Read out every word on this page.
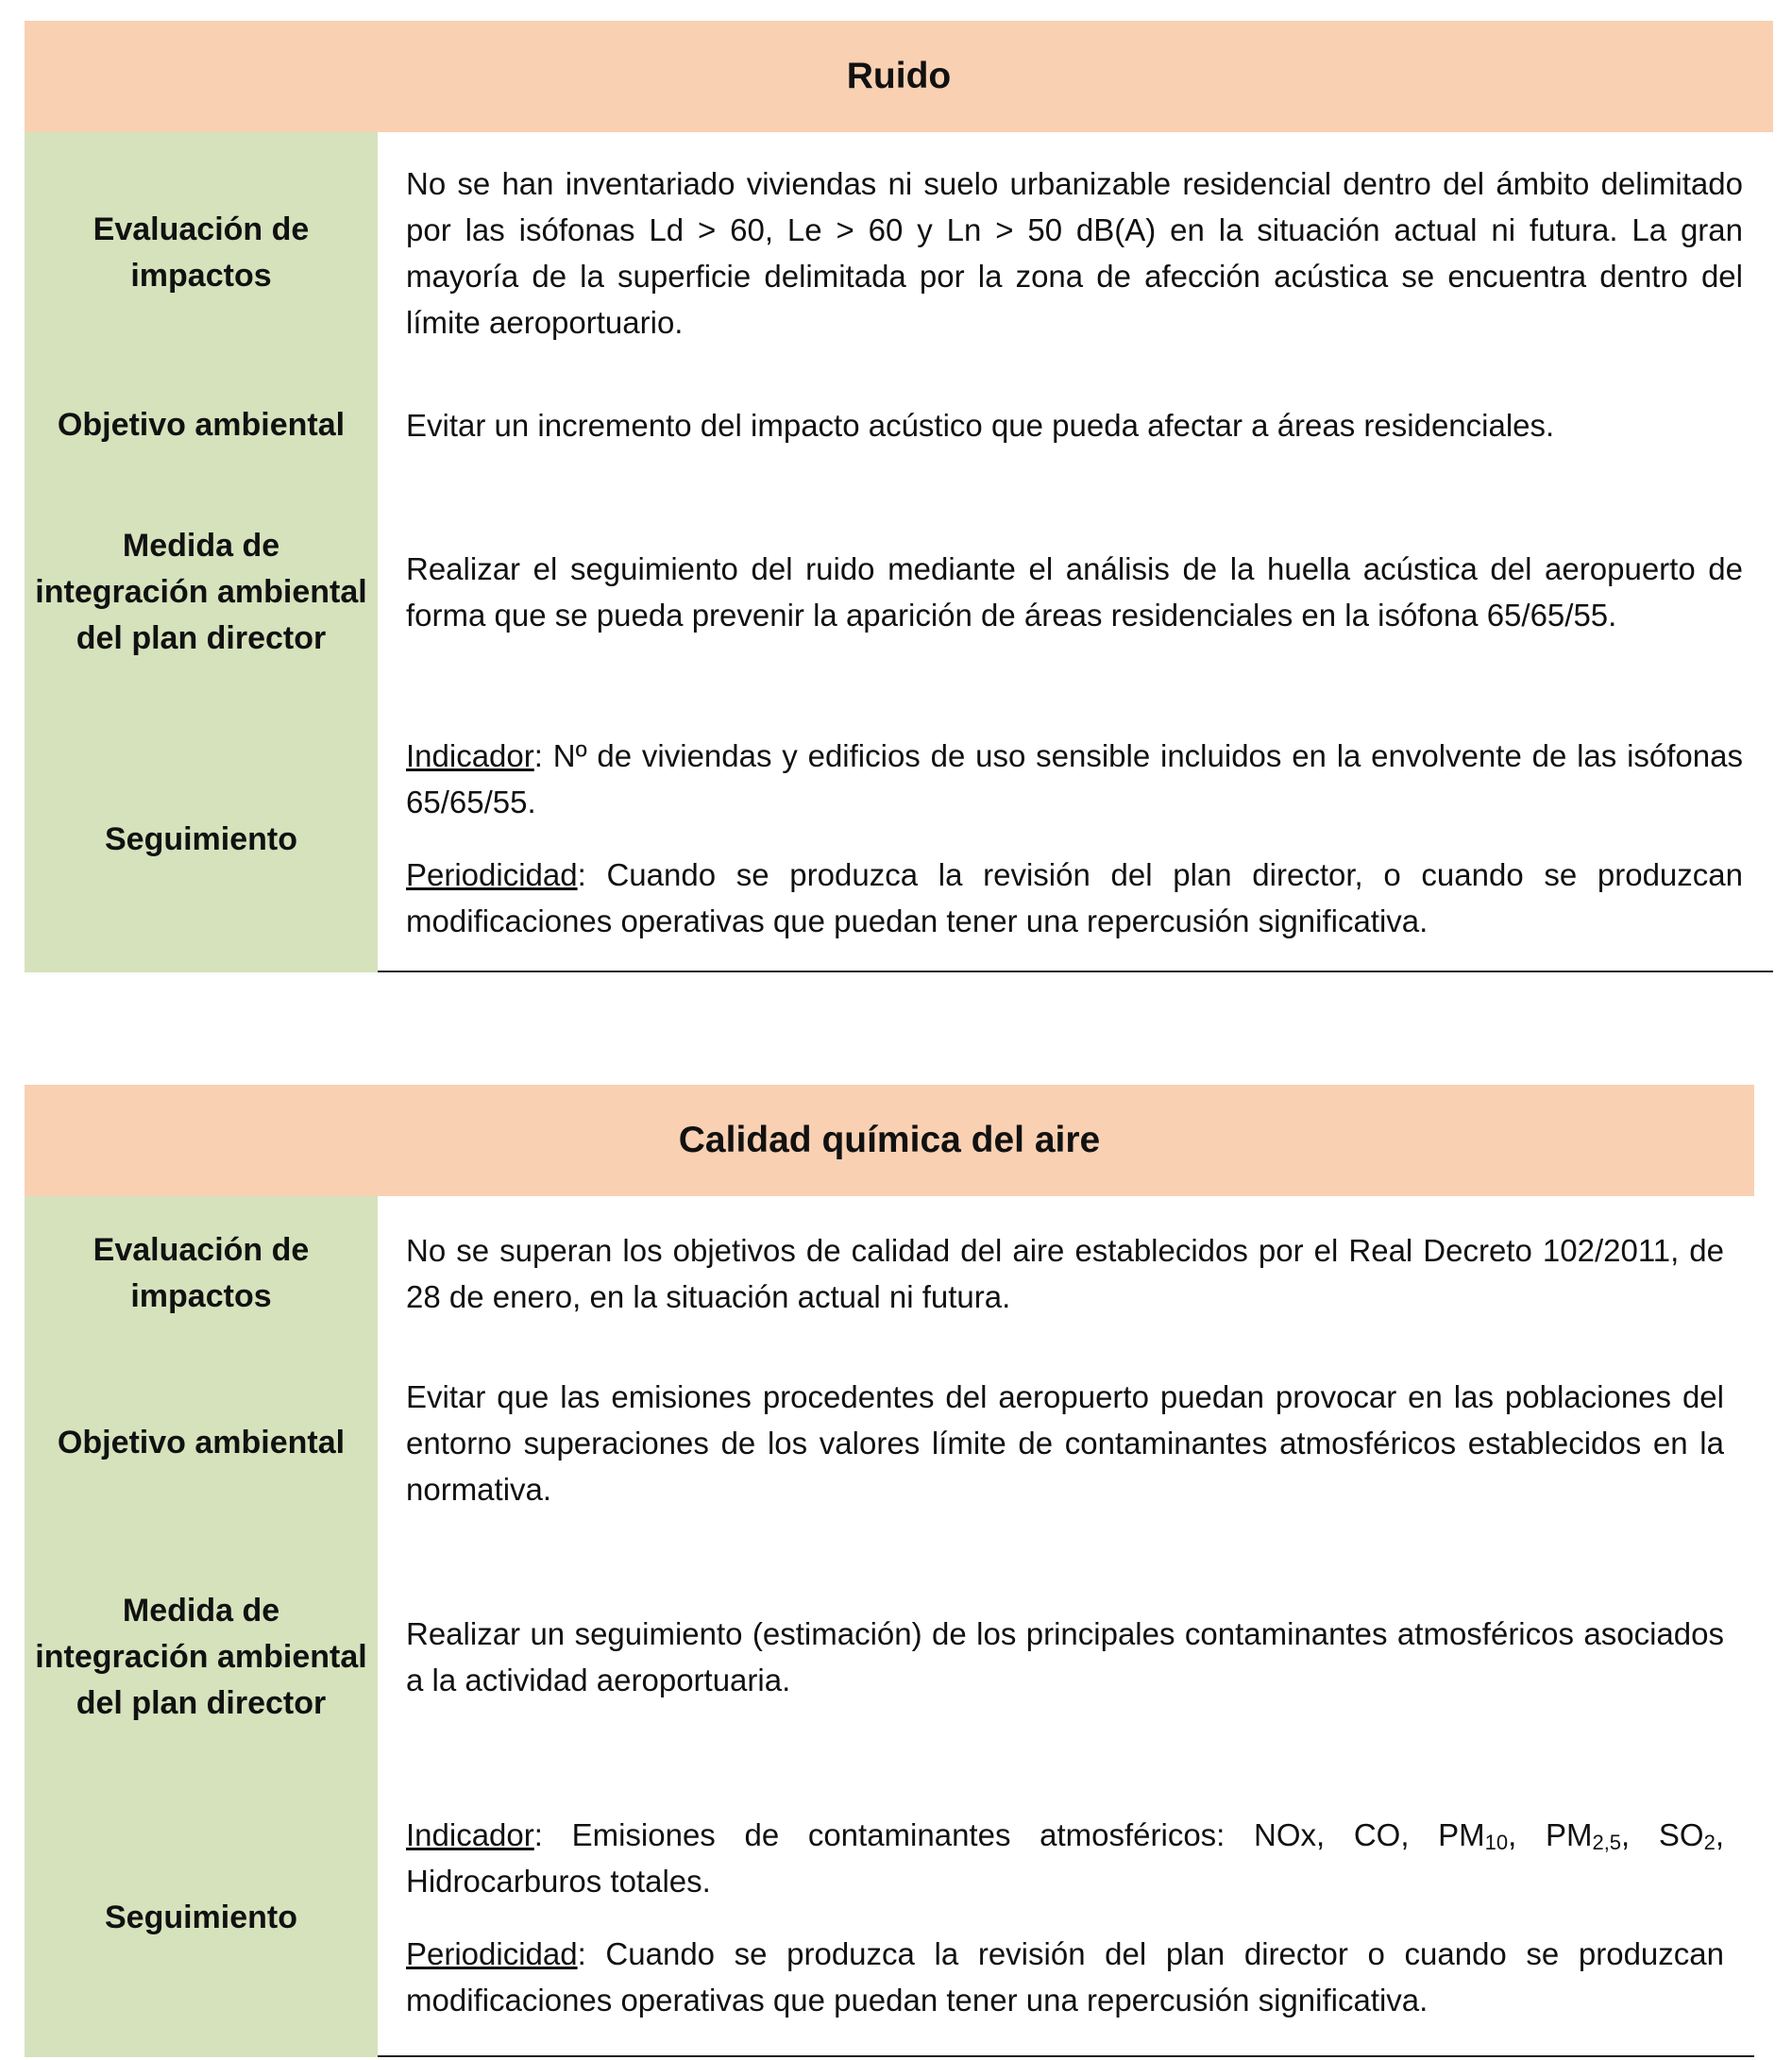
Ruido
Evaluación de impactos

No se han inventariado viviendas ni suelo urbanizable residencial dentro del ámbito delimitado por las isófonas Ld > 60, Le > 60 y Ln > 50 dB(A) en la situación actual ni futura. La gran mayoría de la superficie delimitada por la zona de afección acústica se encuentra dentro del límite aeroportuario.

Objetivo ambiental	Evitar un incremento del impacto acústico que pueda afectar a áreas residenciales.

Medida de integración ambiental del plan director

Realizar el seguimiento del ruido mediante el análisis de la huella acústica del aeropuerto de forma que se pueda prevenir la aparición de áreas residenciales en la isófona 65/65/55.

Seguimiento

Indicador: Nº de viviendas y edificios de uso sensible incluidos en la envolvente de las isófonas 65/65/55.

Periodicidad: Cuando se produzca la revisión del plan director, o cuando se produzcan modificaciones operativas que puedan tener una repercusión significativa.

Calidad química del aire
Evaluación de impactos

No se superan los objetivos de calidad del aire establecidos por el Real Decreto 102/2011, de 28 de enero, en la situación actual ni futura.

Objetivo ambiental

Evitar que las emisiones procedentes del aeropuerto puedan provocar en las poblaciones del entorno superaciones de los valores límite de contaminantes atmosféricos establecidos en la normativa.

Medida de integración ambiental del plan director

Realizar un seguimiento (estimación) de los principales contaminantes atmosféricos asociados a la actividad aeroportuaria.

Seguimiento

Indicador: Emisiones de contaminantes atmosféricos: NOx, CO, $PM_{10}$, $PM_{2,5}$, $SO_2$, Hidrocarburos totales.

Periodicidad: Cuando se produzca la revisión del plan director o cuando se produzcan modificaciones operativas que puedan tener una repercusión significativa.
